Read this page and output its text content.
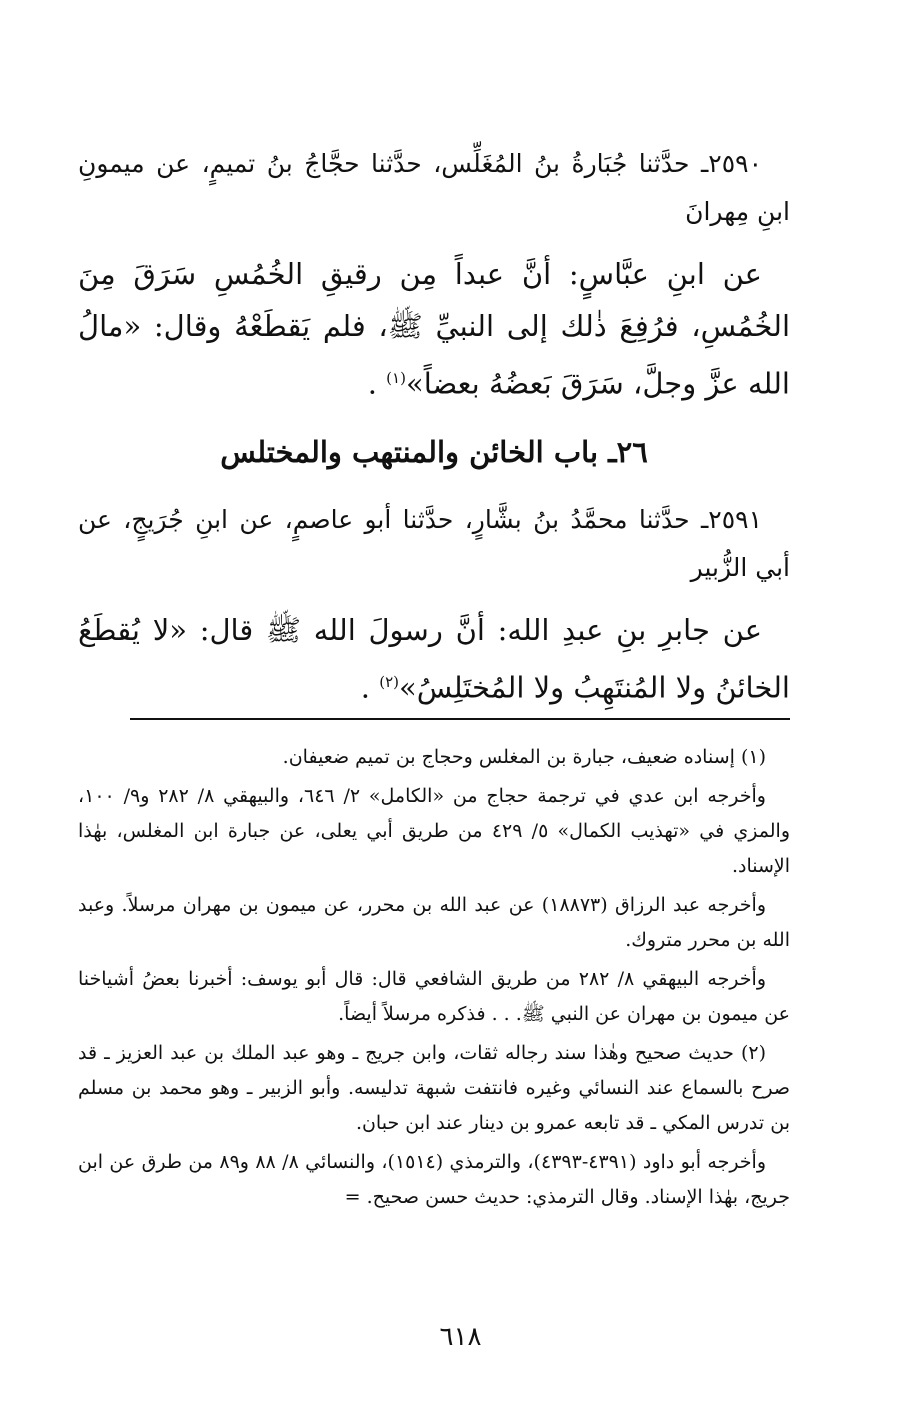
٢٥٩٠ـ حدَّثنا جُبَارةُ بنُ المُغَلِّس، حدَّثنا حجَّاجُ بنُ تميمٍ، عن ميمونِ ابنِ مِهرانَ

عن ابنِ عبَّاسٍ: أنَّ عبداً مِن رقيقِ الخُمُسِ سَرَقَ مِنَ الخُمُسِ، فرُفِعَ ذٰلك إلى النبيِّ ﷺ، فلم يَقطَعْهُ وقال: «مالُ الله عزَّ وجلَّ، سَرَقَ بَعضُهُ بعضاً»$^{(١)}$ .

٢٦ـ باب الخائن والمنتهب والمختلس

٢٥٩١ـ حدَّثنا محمَّدُ بنُ بشَّارٍ، حدَّثنا أبو عاصمٍ، عن ابنِ جُرَيجٍ، عن أبي الزُّبير

عن جابرِ بنِ عبدِ الله: أنَّ رسولَ الله ﷺ قال: «لا يُقطَعُ الخائنُ ولا المُنتَهِبُ ولا المُختَلِسُ»$^{(٢)}$ .

(١) إسناده ضعيف، جبارة بن المغلس وحجاج بن تميم ضعيفان.

وأخرجه ابن عدي في ترجمة حجاج من «الكامل» ٢/ ٦٤٦، والبيهقي ٨/ ٢٨٢ و٩/ ١٠٠، والمزي في «تهذيب الكمال» ٥/ ٤٢٩ من طريق أبي يعلى، عن جبارة ابن المغلس، بهٰذا الإسناد.

وأخرجه عبد الرزاق (١٨٨٧٣) عن عبد الله بن محرر، عن ميمون بن مهران مرسلاً. وعبد الله بن محرر متروك.

وأخرجه البيهقي ٨/ ٢٨٢ من طريق الشافعي قال: قال أبو يوسف: أخبرنا بعضُ أشياخنا عن ميمون بن مهران عن النبي ﷺ. . . فذكره مرسلاً أيضاً.

(٢) حديث صحيح وهٰذا سند رجاله ثقات، وابن جريج ـ وهو عبد الملك بن عبد العزيز ـ قد صرح بالسماع عند النسائي وغيره فانتفت شبهة تدليسه. وأبو الزبير ـ وهو محمد بن مسلم بن تدرس المكي ـ قد تابعه عمرو بن دينار عند ابن حبان.

وأخرجه أبو داود (٤٣٩١-٤٣٩٣)، والترمذي (١٥١٤)، والنسائي ٨/ ٨٨ و٨٩ من طرق عن ابن جريج، بهٰذا الإسناد. وقال الترمذي: حديث حسن صحيح. =

٦١٨
